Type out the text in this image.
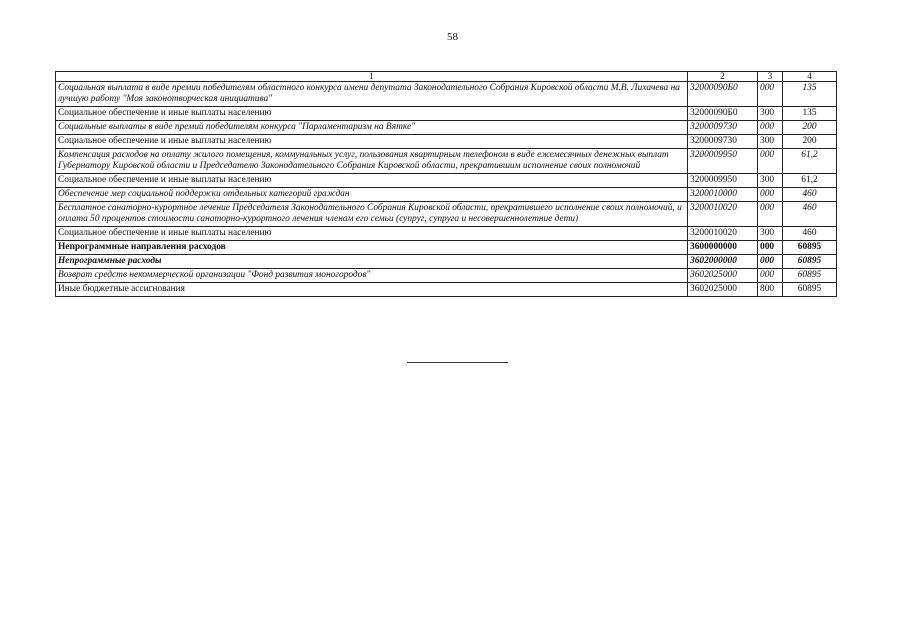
58
1	2	3	4
Социальная выплата в виде премии победителям областного конкурса имени депутата Законодательного Собрания Кировской области М.В. Лихачева на лучшую работу "Моя законотворческая инициатива"	32000090Б0	000	135
Социальное обеспечение и иные выплаты населению	32000090Б0	300	135
Социальные выплаты в виде премий победителям конкурса "Парламентаризм на Вятке"	3200009730	000	200
Социальное обеспечение и иные выплаты населению	3200009730	300	200
Компенсация расходов на оплату жилого помещения, коммунальных услуг, пользования квартирным телефоном в виде ежемесячных денежных выплат Губернатору Кировской области и Председателю Законодательного Собрания Кировской области, прекратившим исполнение своих полномочий	3200009950	000	61,2
Социальное обеспечение и иные выплаты населению	3200009950	300	61,2
Обеспечение мер социальной поддержки отдельных категорий граждан	3200010000	000	460
Бесплатное санаторно-курортное лечение Председателя Законодательного Собрания Кировской области, прекратившего исполнение своих полномочий, и оплата 50 процентов стоимости санаторно-курортного лечения членам его семьи (супруг, супруга и несовершеннолетние дети)	3200010020	000	460
Социальное обеспечение и иные выплаты населению	3200010020	300	460
Непрограммные направления расходов	3600000000	000	60895
Непрограммные расходы	3602000000	000	60895
Возврат средств некоммерческой организации "Фонд развития моногородов"	3602025000	000	60895
Иные бюджетные ассигнования	3602025000	800	60895
